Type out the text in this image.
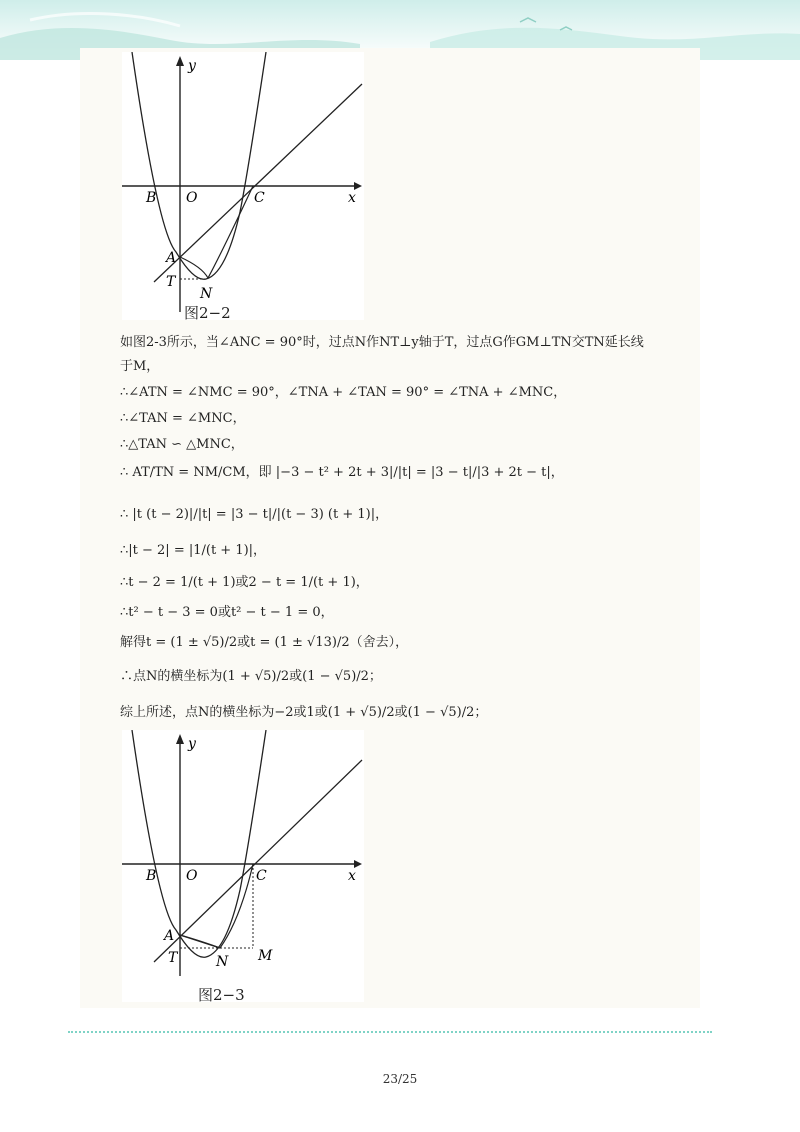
y
x
B O	C
A
T
N
图2−2
如图2-3所示，当∠ANC = 90°时，过点N作NT⊥y轴于T，过点G作GM⊥TN交TN延长线
于M，
∴∠ATN = ∠NMC = 90°，∠TNA + ∠TAN = 90° = ∠TNA + ∠MNC，
∴∠TAN = ∠MNC，
∴△TAN ∽ △MNC，
∴ AT/TN = NM/CM，即 |−3 − t² + 2t + 3|/|t| = |3 − t|/|3 + 2t − t|，
∴ |t (t − 2)|/|t| = |3 − t|/|(t − 3) (t + 1)|，
∴|t − 2| = |1/(t + 1)|，
∴t − 2 = 1/(t + 1)或2 − t = 1/(t + 1)，
∴t² − t − 3 = 0或t² − t − 1 = 0，
解得t = (1 ± √5)/2或t = (1 ± √13)/2（舍去），
∴点N的横坐标为(1 + √5)/2或(1 − √5)/2；
综上所述，点N的横坐标为−2或1或(1 + √5)/2或(1 − √5)/2；
y
x
B O	C
A
T	N M
图2−3
23/25
